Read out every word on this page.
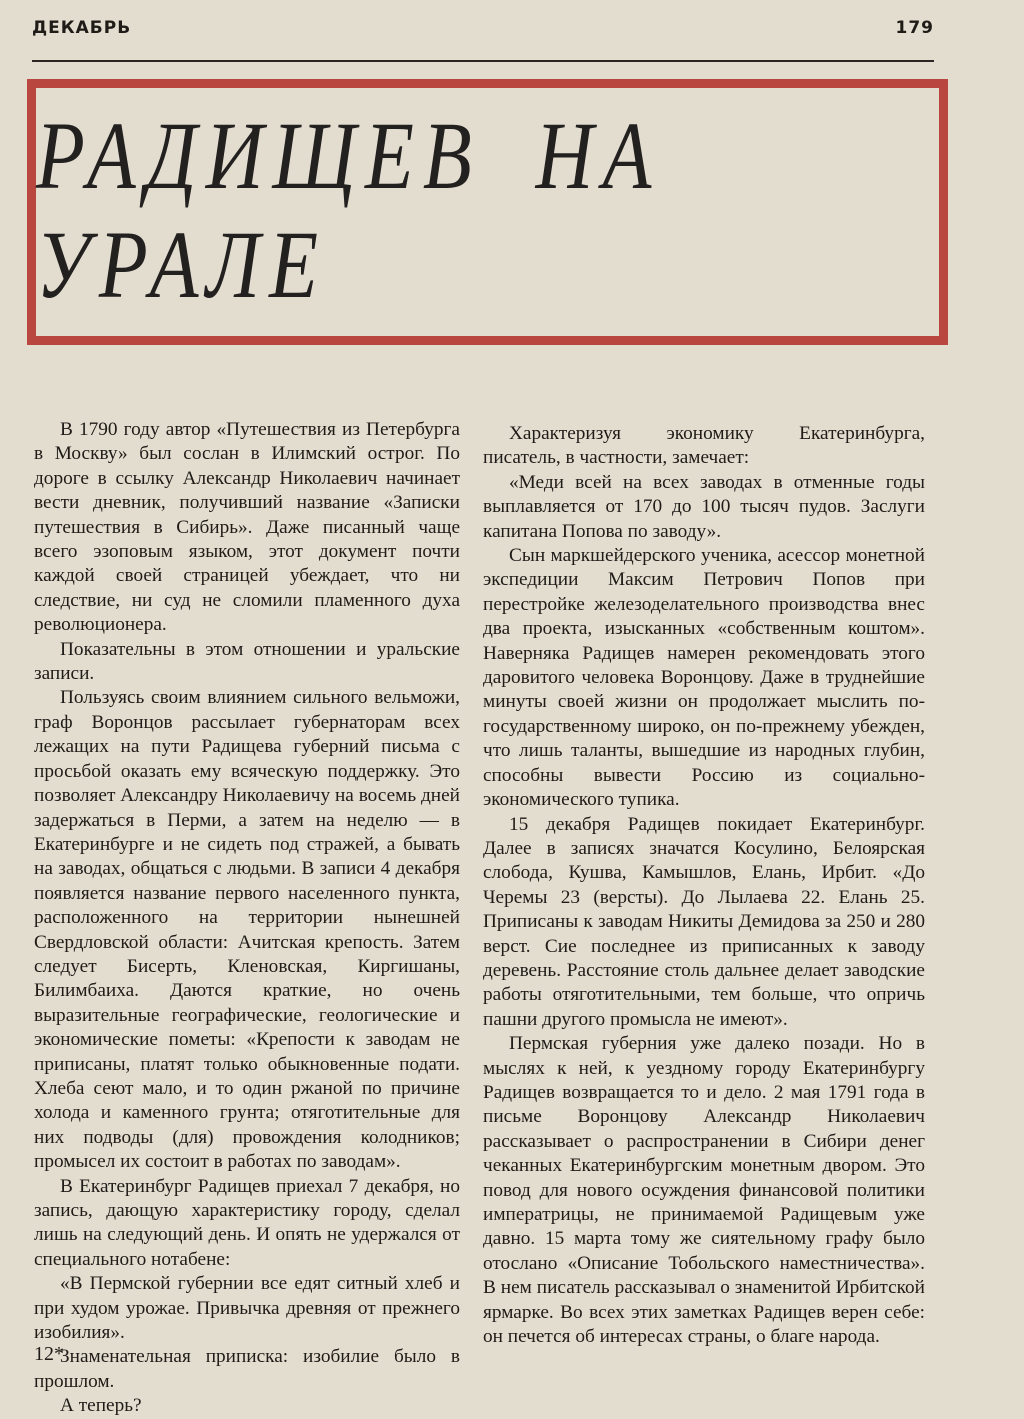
ДЕКАБРЬ	179
РАДИЩЕВ НА УРАЛЕ

В 1790 году автор «Путешествия из Петербурга в Москву» был сослан в Илимский острог. По дороге в ссылку Александр Николаевич начинает вести дневник, получивший название «Записки путешествия в Сибирь». Даже писанный чаще всего эзоповым языком, этот документ почти каждой своей страницей убеждает, что ни следствие, ни суд не сломили пламенного духа революционера.

Показательны в этом отношении и уральские записи.

Пользуясь своим влиянием сильного вельможи, граф Воронцов рассылает губернаторам всех лежащих на пути Радищева губерний письма с просьбой оказать ему всяческую поддержку. Это позволяет Александру Николаевичу на восемь дней задержаться в Перми, а затем на неделю — в Екатеринбурге и не сидеть под стражей, а бывать на заводах, общаться с людьми. В записи 4 декабря появляется название первого населенного пункта, расположенного на территории нынешней Свердловской области: Ачитская крепость. Затем следует Бисерть, Кленовская, Киргишаны, Билимбаиха. Даются краткие, но очень выразительные географические, геологические и экономические пометы: «Крепости к заводам не приписаны, платят только обыкновенные подати. Хлеба сеют мало, и то один ржаной по причине холода и каменного грунта; отяготительные для них подводы (для) провождения колодников; промысел их состоит в работах по заводам».

В Екатеринбург Радищев приехал 7 декабря, но запись, дающую характеристику городу, сделал лишь на следующий день. И опять не удержался от специального нотабене:

«В Пермской губернии все едят ситный хлеб и при худом урожае. Привычка древняя от прежнего изобилия».

Знаменательная приписка: изобилие было в прошлом.

А теперь?

Характеризуя экономику Екатеринбурга, писатель, в частности, замечает:

«Меди всей на всех заводах в отменные годы выплавляется от 170 до 100 тысяч пудов. Заслуги капитана Попова по заводу».

Сын маркшейдерского ученика, асессор монетной экспедиции Максим Петрович Попов при перестройке железоделательного производства внес два проекта, изысканных «собственным коштом». Наверняка Радищев намерен рекомендовать этого даровитого человека Воронцову. Даже в труднейшие минуты своей жизни он продолжает мыслить по-государственному широко, он по-прежнему убежден, что лишь таланты, вышедшие из народных глубин, способны вывести Россию из социально-экономического тупика.

15 декабря Радищев покидает Екатеринбург. Далее в записях значатся Косулино, Белоярская слобода, Кушва, Камышлов, Елань, Ирбит. «До Черемы 23 (версты). До Лылаева 22. Елань 25. Приписаны к заводам Никиты Демидова за 250 и 280 верст. Сие последнее из приписанных к заводу деревень. Расстояние столь дальнее делает заводские работы отяготительными, тем больше, что опричь пашни другого промысла не имеют».

Пермская губерния уже далеко позади. Но в мыслях к ней, к уездному городу Екатеринбургу Радищев возвращается то и дело. 2 мая 1791 года в письме Воронцову Александр Николаевич рассказывает о распространении в Сибири денег чеканных Екатеринбургским монетным двором. Это повод для нового осуждения финансовой политики императрицы, не принимаемой Радищевым уже давно. 15 марта тому же сиятельному графу было отослано «Описание Тобольского наместничества». В нем писатель рассказывал о знаменитой Ирбитской ярмарке. Во всех этих заметках Радищев верен себе: он печется об интересах страны, о благе народа.

12*
